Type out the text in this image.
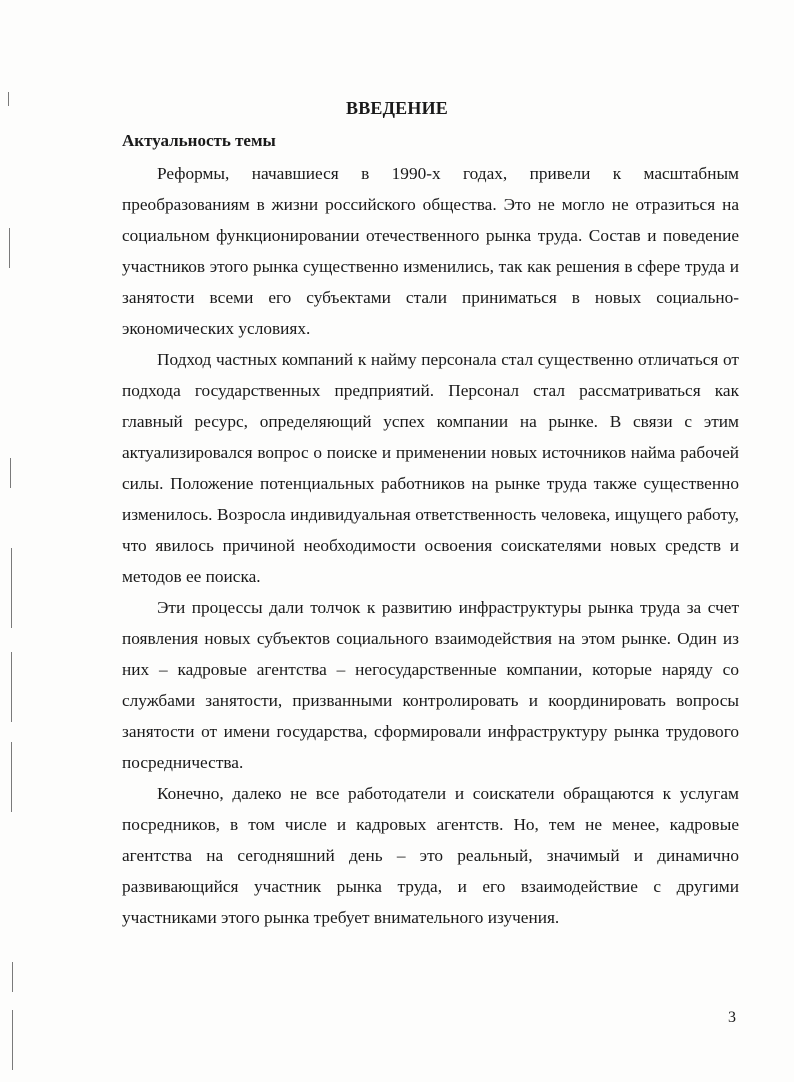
ВВЕДЕНИЕ
Актуальность темы

Реформы, начавшиеся в 1990-х годах, привели к масштабным преобразованиям в жизни российского общества. Это не могло не отразиться на социальном функционировании отечественного рынка труда. Состав и поведение участников этого рынка существенно изменились, так как решения в сфере труда и занятости всеми его субъектами стали приниматься в новых социально-экономических условиях.

Подход частных компаний к найму персонала стал существенно отличаться от подхода государственных предприятий. Персонал стал рассматриваться как главный ресурс, определяющий успех компании на рынке. В связи с этим актуализировался вопрос о поиске и применении новых источников найма рабочей силы. Положение потенциальных работников на рынке труда также существенно изменилось. Возросла индивидуальная ответственность человека, ищущего работу, что явилось причиной необходимости освоения соискателями новых средств и методов ее поиска.

Эти процессы дали толчок к развитию инфраструктуры рынка труда за счет появления новых субъектов социального взаимодействия на этом рынке. Один из них – кадровые агентства – негосударственные компании, которые наряду со службами занятости, призванными контролировать и координировать вопросы занятости от имени государства, сформировали инфраструктуру рынка трудового посредничества.

Конечно, далеко не все работодатели и соискатели обращаются к услугам посредников, в том числе и кадровых агентств. Но, тем не менее, кадровые агентства на сегодняшний день – это реальный, значимый и динамично развивающийся участник рынка труда, и его взаимодействие с другими участниками этого рынка требует внимательного изучения.

3
